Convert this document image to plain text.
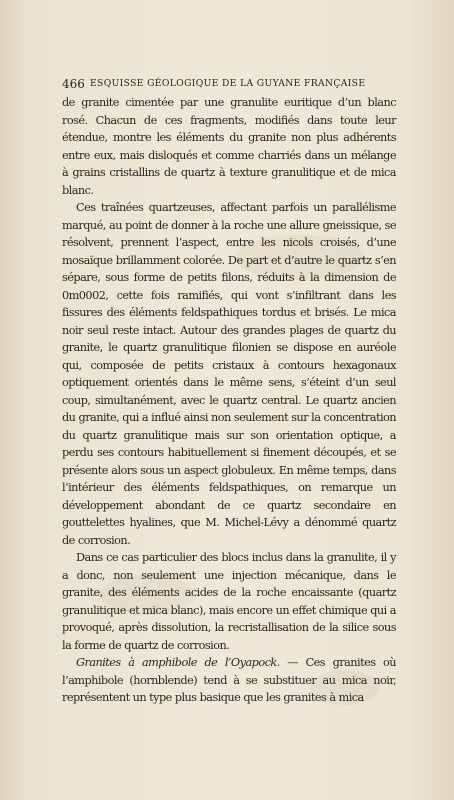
466 ESQUISSE GÉOLOGIQUE DE LA GUYANE FRANÇAISE

de granite cimentée par une granulite euritique d’un blanc rosé. Chacun de ces fragments, modifiés dans toute leur étendue, montre les éléments du granite non plus adhérents entre eux, mais disloqués et comme charriés dans un mélange à grains cristallins de quartz à texture granulitique et de mica blanc.

Ces traînées quartzeuses, affectant parfois un parallélisme marqué, au point de donner à la roche une allure gneissique, se résolvent, prennent l’aspect, entre les nicols croisés, d’une mosaïque brillamment colorée. De part et d’autre le quartz s’en sépare, sous forme de petits filons, réduits à la dimension de 0m0002, cette fois ramifiés, qui vont s’infiltrant dans les fissures des éléments feldspathiques tordus et brisés. Le mica noir seul reste intact. Autour des grandes plages de quartz du granite, le quartz granulitique filonien se dispose en auréole qui, composée de petits cristaux à contours hexagonaux optiquement orientés dans le même sens, s’éteint d’un seul coup, simultanément, avec le quartz central. Le quartz ancien du granite, qui a influé ainsi non seulement sur la concentration du quartz granulitique mais sur son orientation optique, a perdu ses contours habituellement si finement découpés, et se présente alors sous un aspect globuleux. En même temps, dans l’intérieur des éléments feldspathiques, on remarque un développement abondant de ce quartz secondaire en gouttelettes hyalines, que M. Michel-Lévy a dénommé quartz de corrosion.

Dans ce cas particulier des blocs inclus dans la granulite, il y a donc, non seulement une injection mécanique, dans le granite, des éléments acides de la roche encaissante (quartz granulitique et mica blanc), mais encore un effet chimique qui a provoqué, après dissolution, la recristallisation de la silice sous la forme de quartz de corrosion.

Granites à amphibole de l’Oyapock. — Ces granites où l’amphibole (hornblende) tend à se substituer au mica noir, représentent un type plus basique que les granites à mica
